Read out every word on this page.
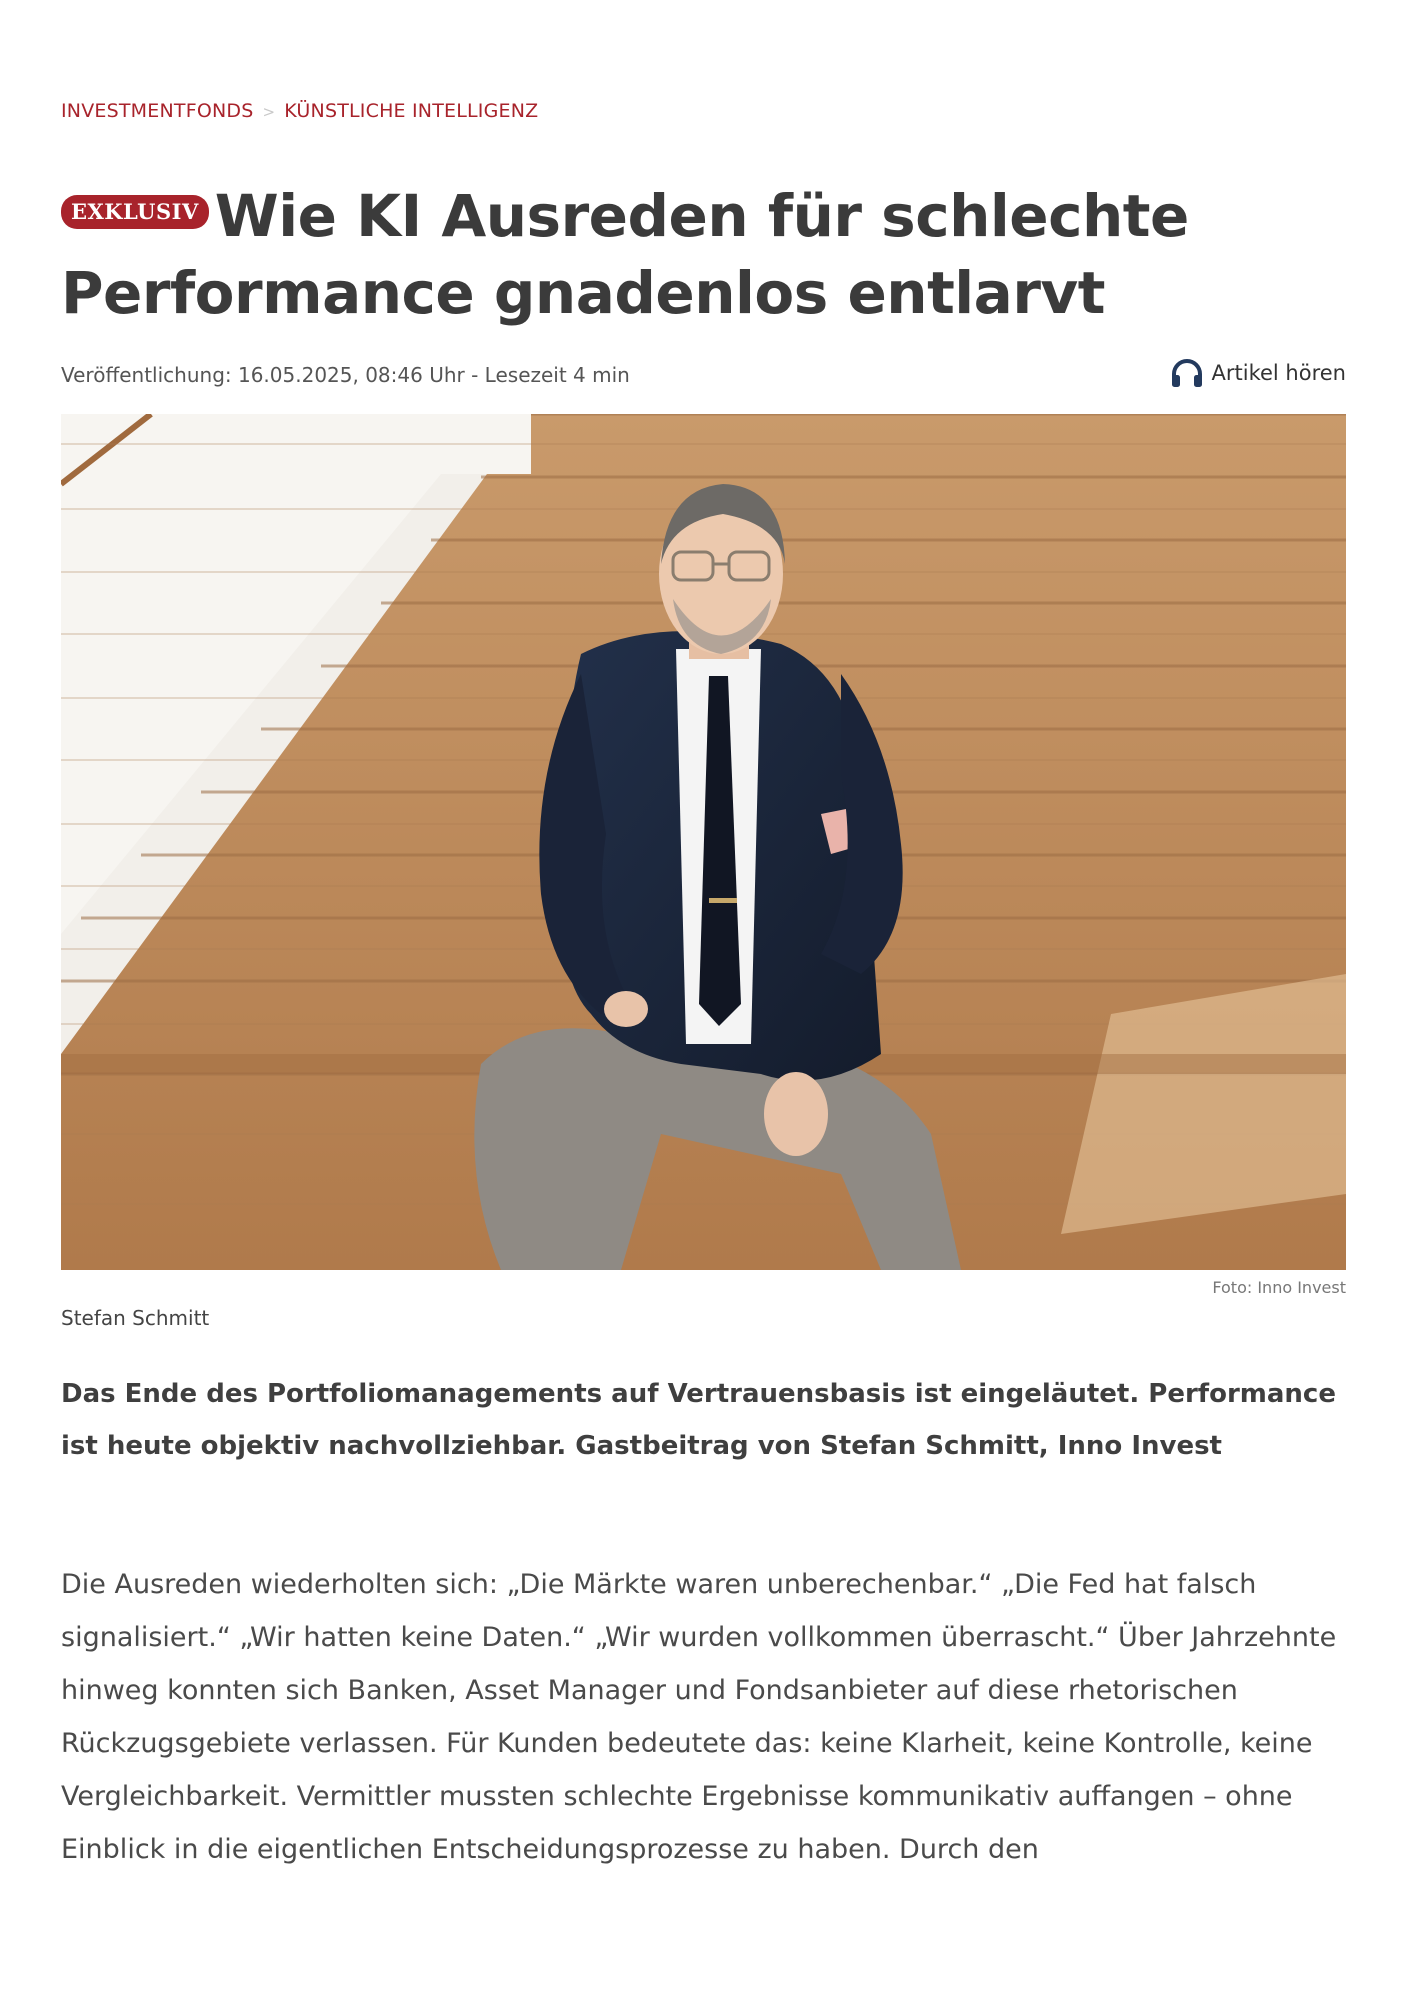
INVESTMENTFONDS > KÜNSTLICHE INTELLIGENZ
EXKLUSIV Wie KI Ausreden für schlechte Performance gnadenlos entlarvt
Veröffentlichung: 16.05.2025, 08:46 Uhr - Lesezeit 4 min	Artikel hören
Foto: Inno Invest
Stefan Schmitt

Das Ende des Portfoliomanagements auf Vertrauensbasis ist eingeläutet. Performance ist heute objektiv nachvollziehbar. Gastbeitrag von Stefan Schmitt, Inno Invest

Die Ausreden wiederholten sich: „Die Märkte waren unberechenbar.“ „Die Fed hat falsch signalisiert.“ „Wir hatten keine Daten.“ „Wir wurden vollkommen überrascht.“ Über Jahrzehnte hinweg konnten sich Banken, Asset Manager und Fondsanbieter auf diese rhetorischen Rückzugsgebiete verlassen. Für Kunden bedeutete das: keine Klarheit, keine Kontrolle, keine Vergleichbarkeit. Vermittler mussten schlechte Ergebnisse kommunikativ auffangen – ohne Einblick in die eigentlichen Entscheidungsprozesse zu haben. Durch den
